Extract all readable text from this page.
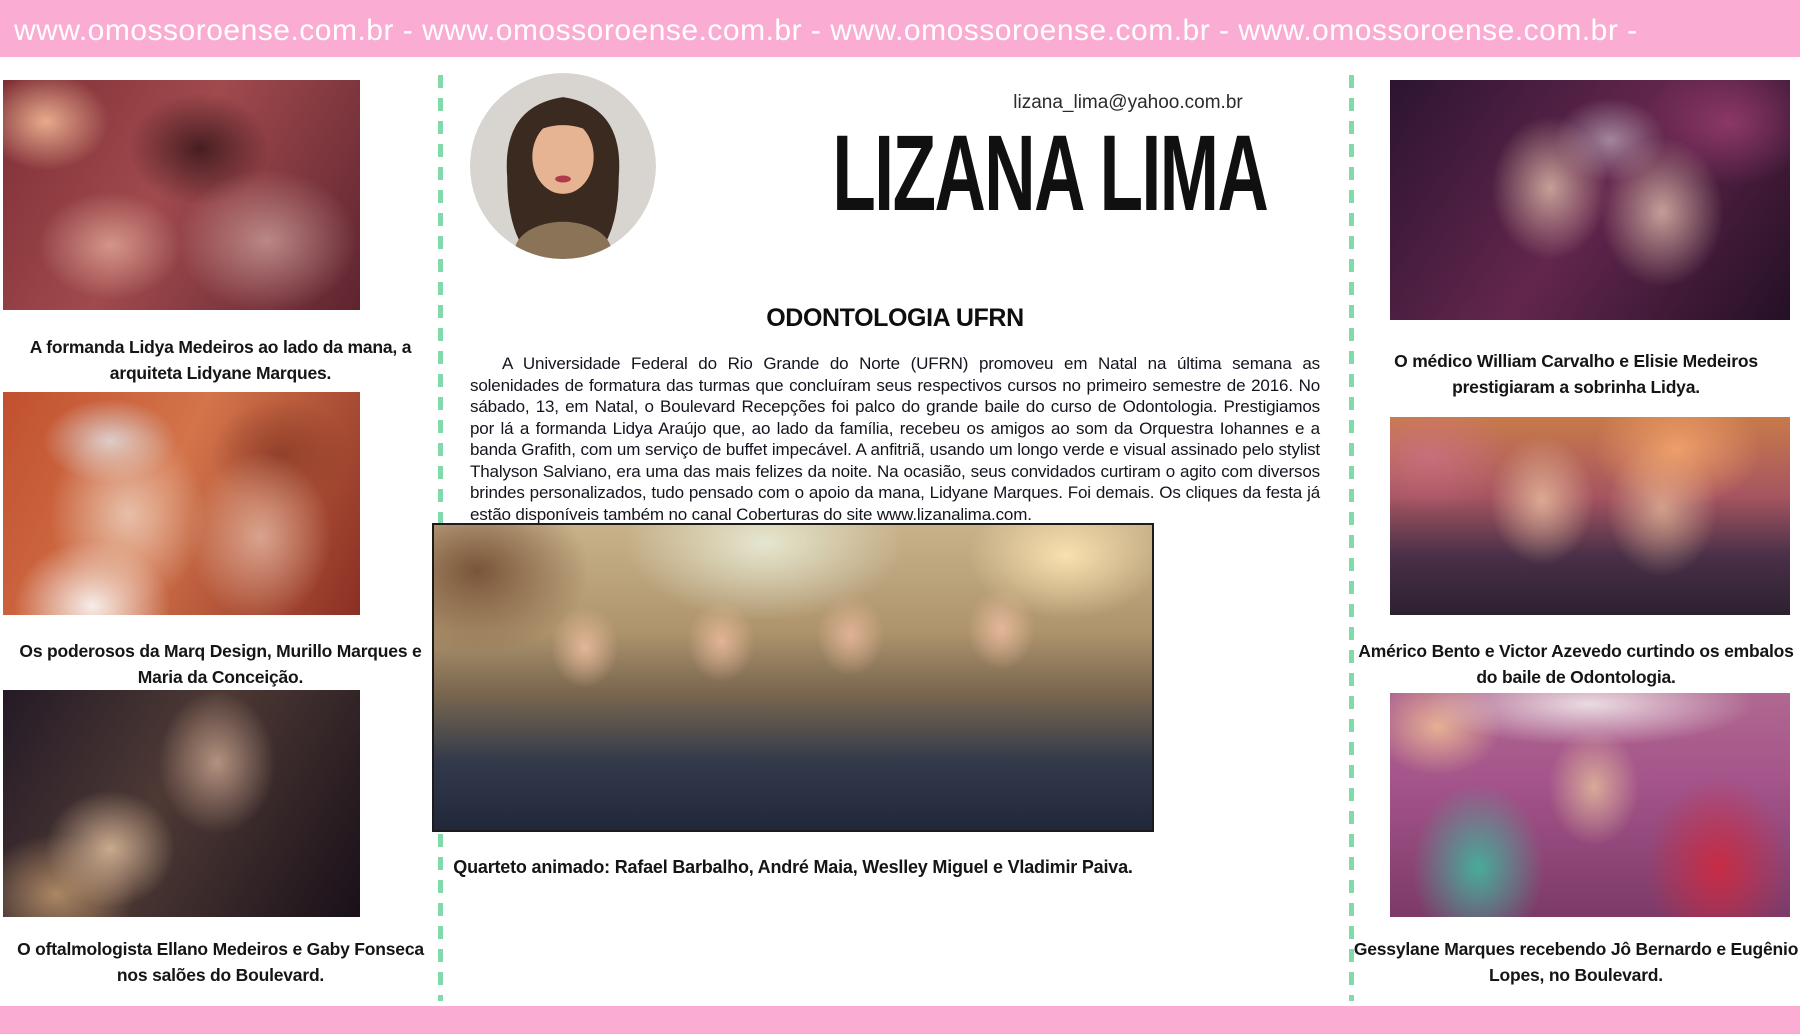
www.omossoroense.com.br - www.omossoroense.com.br - www.omossoroense.com.br - www.omossoroense.com.br -

A formanda Lidya Medeiros ao lado da mana, a arquiteta Lidyane Marques.

Os poderosos da Marq Design, Murillo Marques e Maria da Conceição.

O oftalmologista Ellano Medeiros e Gaby Fonseca nos salões do Boulevard.

lizana_lima@yahoo.com.br
LIZANA LIMA
ODONTOLOGIA UFRN

A Universidade Federal do Rio Grande do Norte (UFRN) promoveu em Natal na última semana as solenidades de formatura das turmas que concluíram seus respectivos cursos no primeiro semestre de 2016. No sábado, 13, em Natal, o Boulevard Recepções foi palco do grande baile do curso de Odontologia. Prestigiamos por lá a formanda Lidya Araújo que, ao lado da família, recebeu os amigos ao som da Orquestra Iohannes e a banda Grafith, com um serviço de buffet impecável. A anfitriã, usando um longo verde e visual assinado pelo stylist Thalyson Salviano, era uma das mais felizes da noite. Na ocasião, seus convidados curtiram o agito com diversos brindes personalizados, tudo pensado com o apoio da mana, Lidyane Marques. Foi demais. Os cliques da festa já estão disponíveis também no canal Coberturas do site www.lizanalima.com.

Quarteto animado: Rafael Barbalho, André Maia, Weslley Miguel e Vladimir Paiva.

O médico William Carvalho e Elisie Medeiros prestigiaram a sobrinha Lidya.

Américo Bento e Victor Azevedo curtindo os embalos do baile de Odontologia.

Gessylane Marques recebendo Jô Bernardo e Eugênio Lopes, no Boulevard.
